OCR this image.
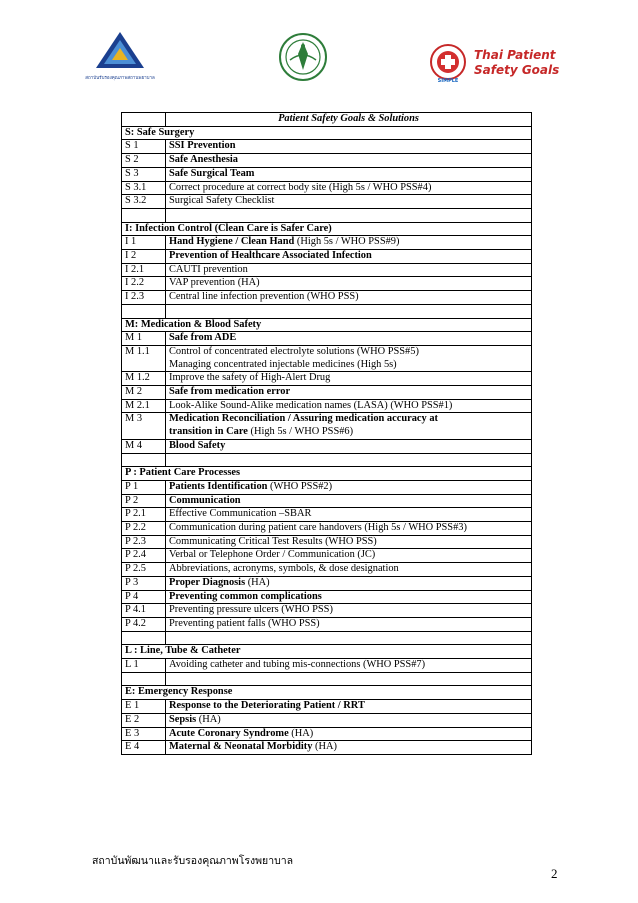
สถาบันรับรองคุณภาพสถานพยาบาล	SIMPLE
Thai Patient
Safety Goals
	Patient Safety Goals & Solutions
S: Safe Surgery	
S 1	SSI Prevention
S 2	Safe Anesthesia
S 3	Safe Surgical Team
S 3.1	Correct procedure at correct body site (High 5s / WHO PSS#4)
S 3.2	Surgical Safety Checklist

I: Infection Control (Clean Care is Safer Care)	
I 1	Hand Hygiene / Clean Hand (High 5s / WHO PSS#9)
I 2	Prevention of Healthcare Associated Infection
I 2.1	CAUTI prevention
I 2.2	VAP prevention (HA)
I 2.3	Central line infection prevention (WHO PSS)

M: Medication & Blood Safety	
M 1	Safe from ADE
M 1.1	Control of concentrated electrolyte solutions (WHO PSS#5)
Managing concentrated injectable medicines (High 5s)
M 1.2	Improve the safety of High-Alert Drug
M 2	Safe from medication error
M 2.1	Look-Alike Sound-Alike medication names (LASA) (WHO PSS#1)
M 3	Medication Reconciliation / Assuring medication accuracy at
transition in Care (High 5s / WHO PSS#6)
M 4	Blood Safety

P : Patient Care Processes	
P 1	Patients Identification (WHO PSS#2)
P 2	Communication
P 2.1	Effective Communication –SBAR
P 2.2	Communication during patient care handovers (High 5s / WHO PSS#3)
P 2.3	Communicating Critical Test Results (WHO PSS)
P 2.4	Verbal or Telephone Order / Communication (JC)
P 2.5	Abbreviations, acronyms, symbols, & dose designation
P 3	Proper Diagnosis (HA)
P 4	Preventing common complications
P 4.1	Preventing pressure ulcers (WHO PSS)
P 4.2	Preventing patient falls (WHO PSS)

L : Line, Tube & Catheter	
L 1	Avoiding catheter and tubing mis-connections (WHO PSS#7)

E: Emergency Response	
E 1	Response to the Deteriorating Patient / RRT
E 2	Sepsis (HA)
E 3	Acute Coronary Syndrome (HA)
E 4	Maternal & Neonatal Morbidity (HA)
สถาบันพัฒนาและรับรองคุณภาพโรงพยาบาล
2
